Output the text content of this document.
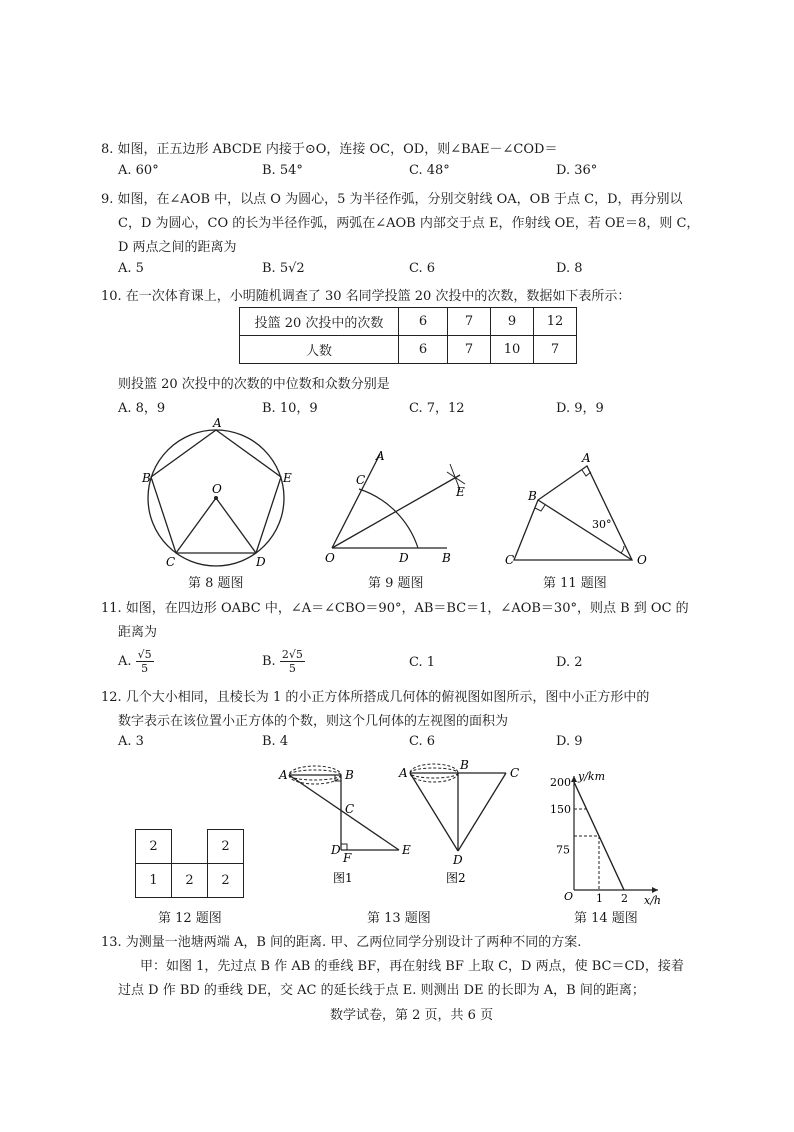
8. 如图，正五边形 ABCDE 内接于⊙O，连接 OC，OD，则∠BAE－∠COD＝
A. 60°	B. 54°	C. 48°	D. 36°
9. 如图，在∠AOB 中，以点 O 为圆心，5 为半径作弧，分别交射线 OA，OB 于点 C，D，再分别以
C，D 为圆心，CO 的长为半径作弧，两弧在∠AOB 内部交于点 E，作射线 OE，若 OE＝8，则 C，
D 两点之间的距离为
A. 5	B. 5√2	C. 6	D. 8
10. 在一次体育课上，小明随机调查了 30 名同学投篮 20 次投中的次数，数据如下表所示：
投篮 20 次投中的次数	6	7	9	12
人数	6	7	10	7
则投篮 20 次投中的次数的中位数和众数分别是
A. 8，9	B. 10，9	C. 7，12	D. 9，9
A
B
C	D
E
O
第 8 题图
A
B
C
D
E
O
第 9 题图
A
B
C	O
30°
第 11 题图
11. 如图，在四边形 OABC 中，∠A＝∠CBO＝90°，AB＝BC＝1，∠AOB＝30°，则点 B 到 OC 的
距离为
A. $\frac{√5}{5}$	B. $\frac{2√5}{5}$	C. 1	D. 2
12. 几个大小相同，且棱长为 1 的小正方体所搭成几何体的俯视图如图所示，图中小正方形中的
数字表示在该位置小正方体的个数，则这个几何体的左视图的面积为
A. 3	B. 4	C. 6	D. 9
2		2
1	2	2
第 12 题图
A	B
C
D	E
F
图1
A
B
C
D
图2
第 13 题图
y/km
x/h
200
150
75
O 1 2
第 14 题图
13. 为测量一池塘两端 A，B 间的距离. 甲、乙两位同学分别设计了两种不同的方案.
甲：如图 1，先过点 B 作 AB 的垂线 BF，再在射线 BF 上取 C，D 两点，使 BC＝CD，接着
过点 D 作 BD 的垂线 DE，交 AC 的延长线于点 E. 则测出 DE 的长即为 A，B 间的距离；
数学试卷，第 2 页，共 6 页
